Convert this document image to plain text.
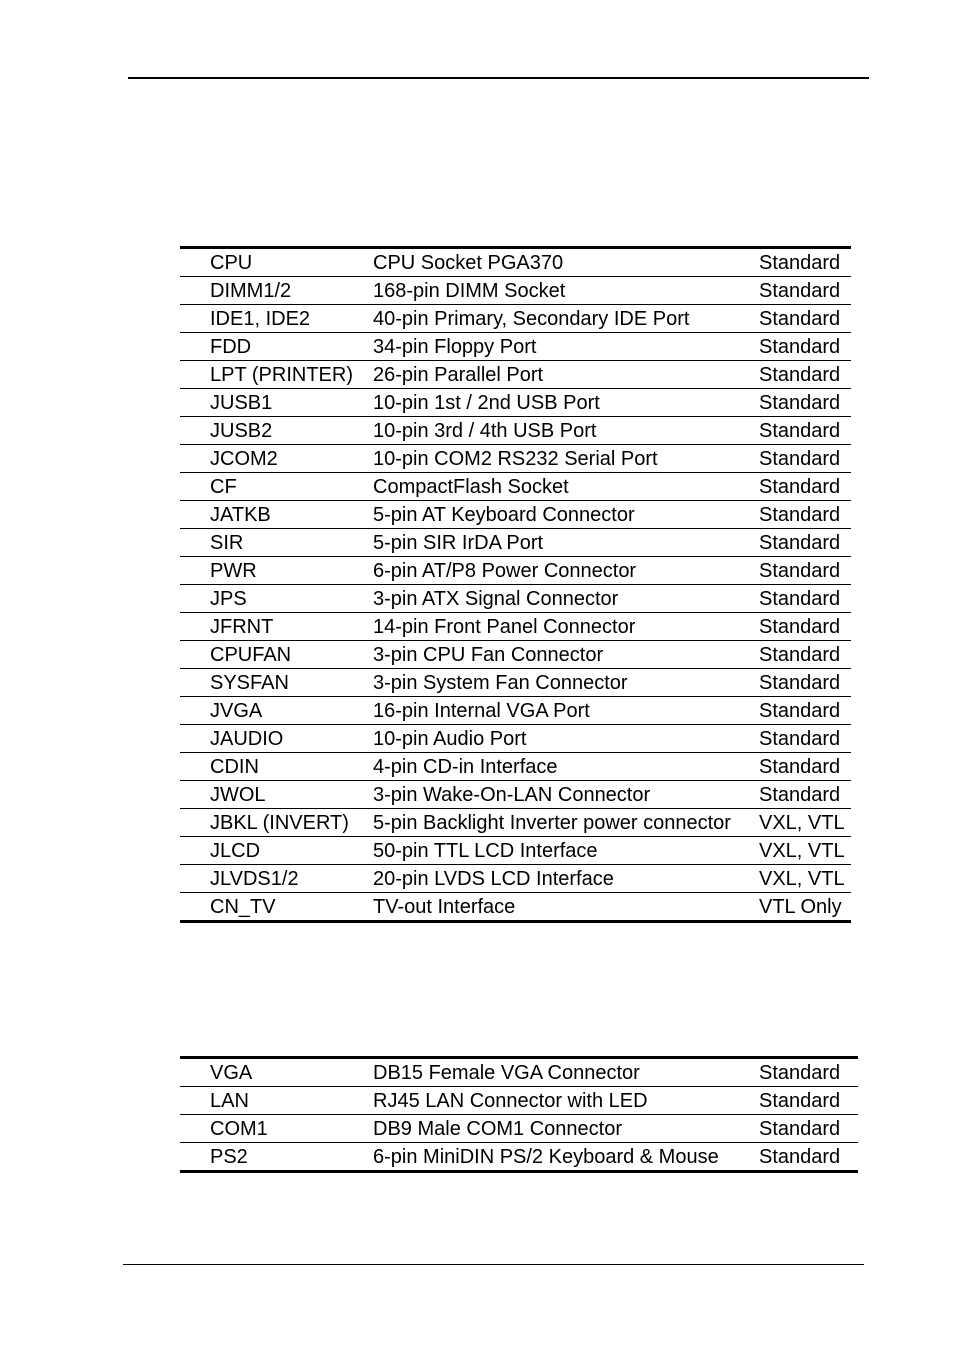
CPU	CPU Socket PGA370	Standard
DIMM1/2	168-pin DIMM Socket	Standard
IDE1, IDE2	40-pin Primary, Secondary IDE Port	Standard
FDD	34-pin Floppy Port	Standard
LPT (PRINTER)	26-pin Parallel Port	Standard
JUSB1	10-pin 1st / 2nd USB Port	Standard
JUSB2	10-pin 3rd / 4th USB Port	Standard
JCOM2	10-pin COM2 RS232 Serial Port	Standard
CF	CompactFlash Socket	Standard
JATKB	5-pin AT Keyboard Connector	Standard
SIR	5-pin SIR IrDA Port	Standard
PWR	6-pin AT/P8 Power Connector	Standard
JPS	3-pin ATX Signal Connector	Standard
JFRNT	14-pin Front Panel Connector	Standard
CPUFAN	3-pin CPU Fan Connector	Standard
SYSFAN	3-pin System Fan Connector	Standard
JVGA	16-pin Internal VGA Port	Standard
JAUDIO	10-pin Audio Port	Standard
CDIN	4-pin CD-in Interface	Standard
JWOL	3-pin Wake-On-LAN Connector	Standard
JBKL (INVERT)	5-pin Backlight Inverter power connector	VXL, VTL
JLCD	50-pin TTL LCD Interface	VXL, VTL
JLVDS1/2	20-pin LVDS LCD Interface	VXL, VTL
CN_TV	TV-out Interface	VTL Only
VGA	DB15 Female VGA Connector	Standard
LAN	RJ45 LAN Connector with LED	Standard
COM1	DB9 Male COM1 Connector	Standard
PS2	6-pin MiniDIN PS/2 Keyboard & Mouse	Standard
